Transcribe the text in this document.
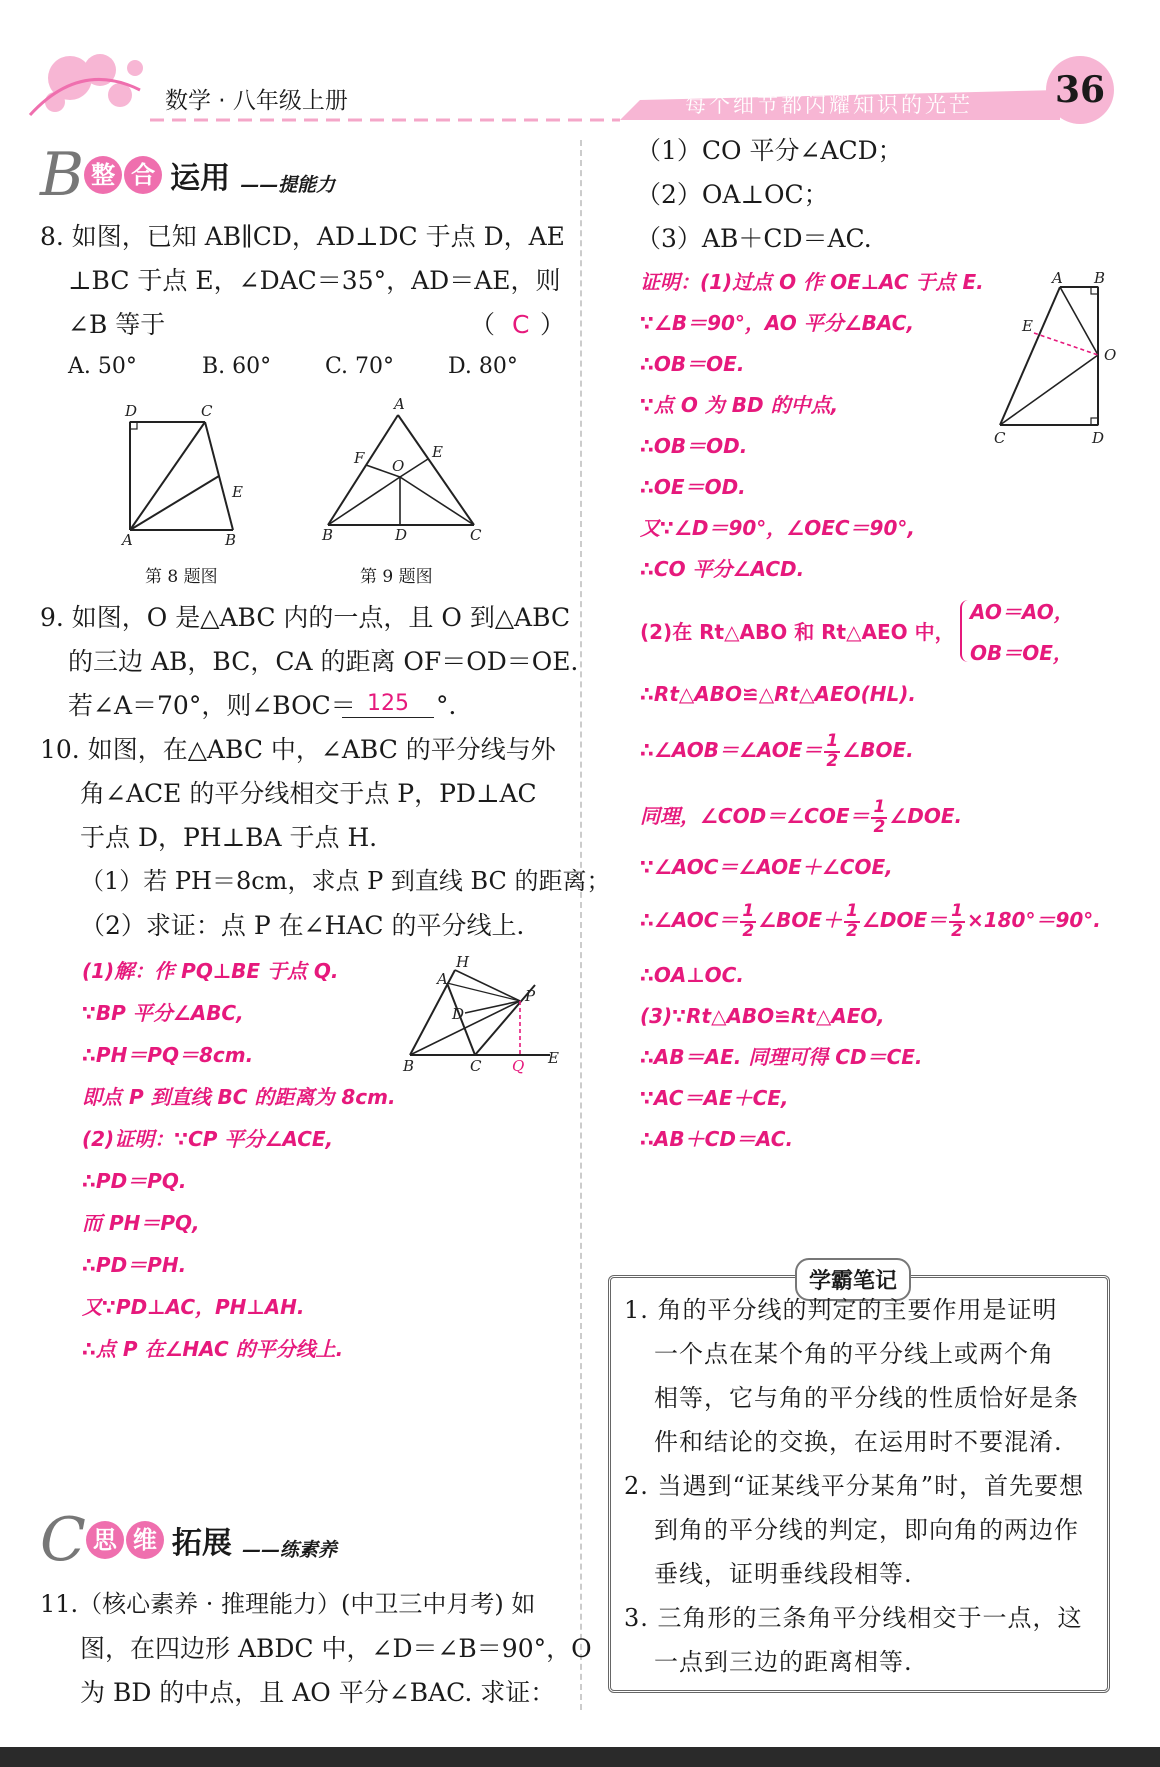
数学 · 八年级上册	每个细节都闪耀知识的光芒 36
B 整 合 运用 ——提能力
8. 如图，已知 AB∥CD，AD⊥DC 于点 D，AE
⊥BC 于点 E，∠DAC＝35°，AD＝AE，则
∠B 等于	（ C ）
A. 50°	B. 60° C. 70° D. 80°
D	C
E
A	B
第 8 题图
A
F	E
O
B	D	C
第 9 题图
9. 如图，O 是△ABC 内的一点，且 O 到△ABC
的三边 AB，BC，CA 的距离 OF＝OD＝OE．
若∠A＝70°，则∠BOC＝ 125	°．
10. 如图，在△ABC 中，∠ABC 的平分线与外
角∠ACE 的平分线相交于点 P，PD⊥AC
于点 D，PH⊥BA 于点 H．
（1）若 PH＝8cm，求点 P 到直线 BC 的距离；
（2）求证：点 P 在∠HAC 的平分线上．
(1)解：作 PQ⊥BE 于点 Q.
∵BP 平分∠ABC,
∴PH＝PQ＝8cm.
即点 P 到直线 BC 的距离为 8cm.
(2)证明：∵CP 平分∠ACE,
∴PD＝PQ.
而 PH＝PQ,
∴PD＝PH.
又∵PD⊥AC，PH⊥AH.
∴点 P 在∠HAC 的平分线上.
H
A
P
D
B	C Q E
C 思 维 拓展 ——练素养
11.（核心素养 · 推理能力）(中卫三中月考) 如
图，在四边形 ABDC 中，∠D＝∠B＝90°，O
为 BD 的中点，且 AO 平分∠BAC. 求证：
（1）CO 平分∠ACD；
（2）OA⊥OC；
（3）AB＋CD＝AC.
证明：(1)过点 O 作 OE⊥AC 于点 E.
∵∠B＝90°，AO 平分∠BAC,
∴OB＝OE.
∵点 O 为 BD 的中点,
∴OB＝OD.
∴OE＝OD.
又∵∠D＝90°，∠OEC＝90°,
∴CO 平分∠ACD.
A B
E
O
C	D
(2)在 Rt△ABO 和 Rt△AEO 中，
AO＝AO，
OB＝OE，
∴Rt△ABO≌△Rt△AEO(HL).
∴∠AOB＝∠AOE＝ $\frac{1}{2}$ ∠BOE.
同理，∠COD＝∠COE＝ $\frac{1}{2}$ ∠DOE.
∵∠AOC＝∠AOE＋∠COE,
∴∠AOC＝ $\frac{1}{2}$ ∠BOE＋ $\frac{1}{2}$ ∠DOE＝ $\frac{1}{2} \times 180^\circ=90^\circ$.
∴OA⊥OC.
(3)∵Rt△ABO≌Rt△AEO,
∴AB＝AE. 同理可得 CD＝CE.
∵AC＝AE＋CE,
∴AB＋CD＝AC.
学霸笔记
1. 角的平分线的判定的主要作用是证明
一个点在某个角的平分线上或两个角
相等，它与角的平分线的性质恰好是条
件和结论的交换，在运用时不要混淆.
2. 当遇到“证某线平分某角”时，首先要想
到角的平分线的判定，即向角的两边作
垂线，证明垂线段相等.
3. 三角形的三条角平分线相交于一点，这
一点到三边的距离相等.
